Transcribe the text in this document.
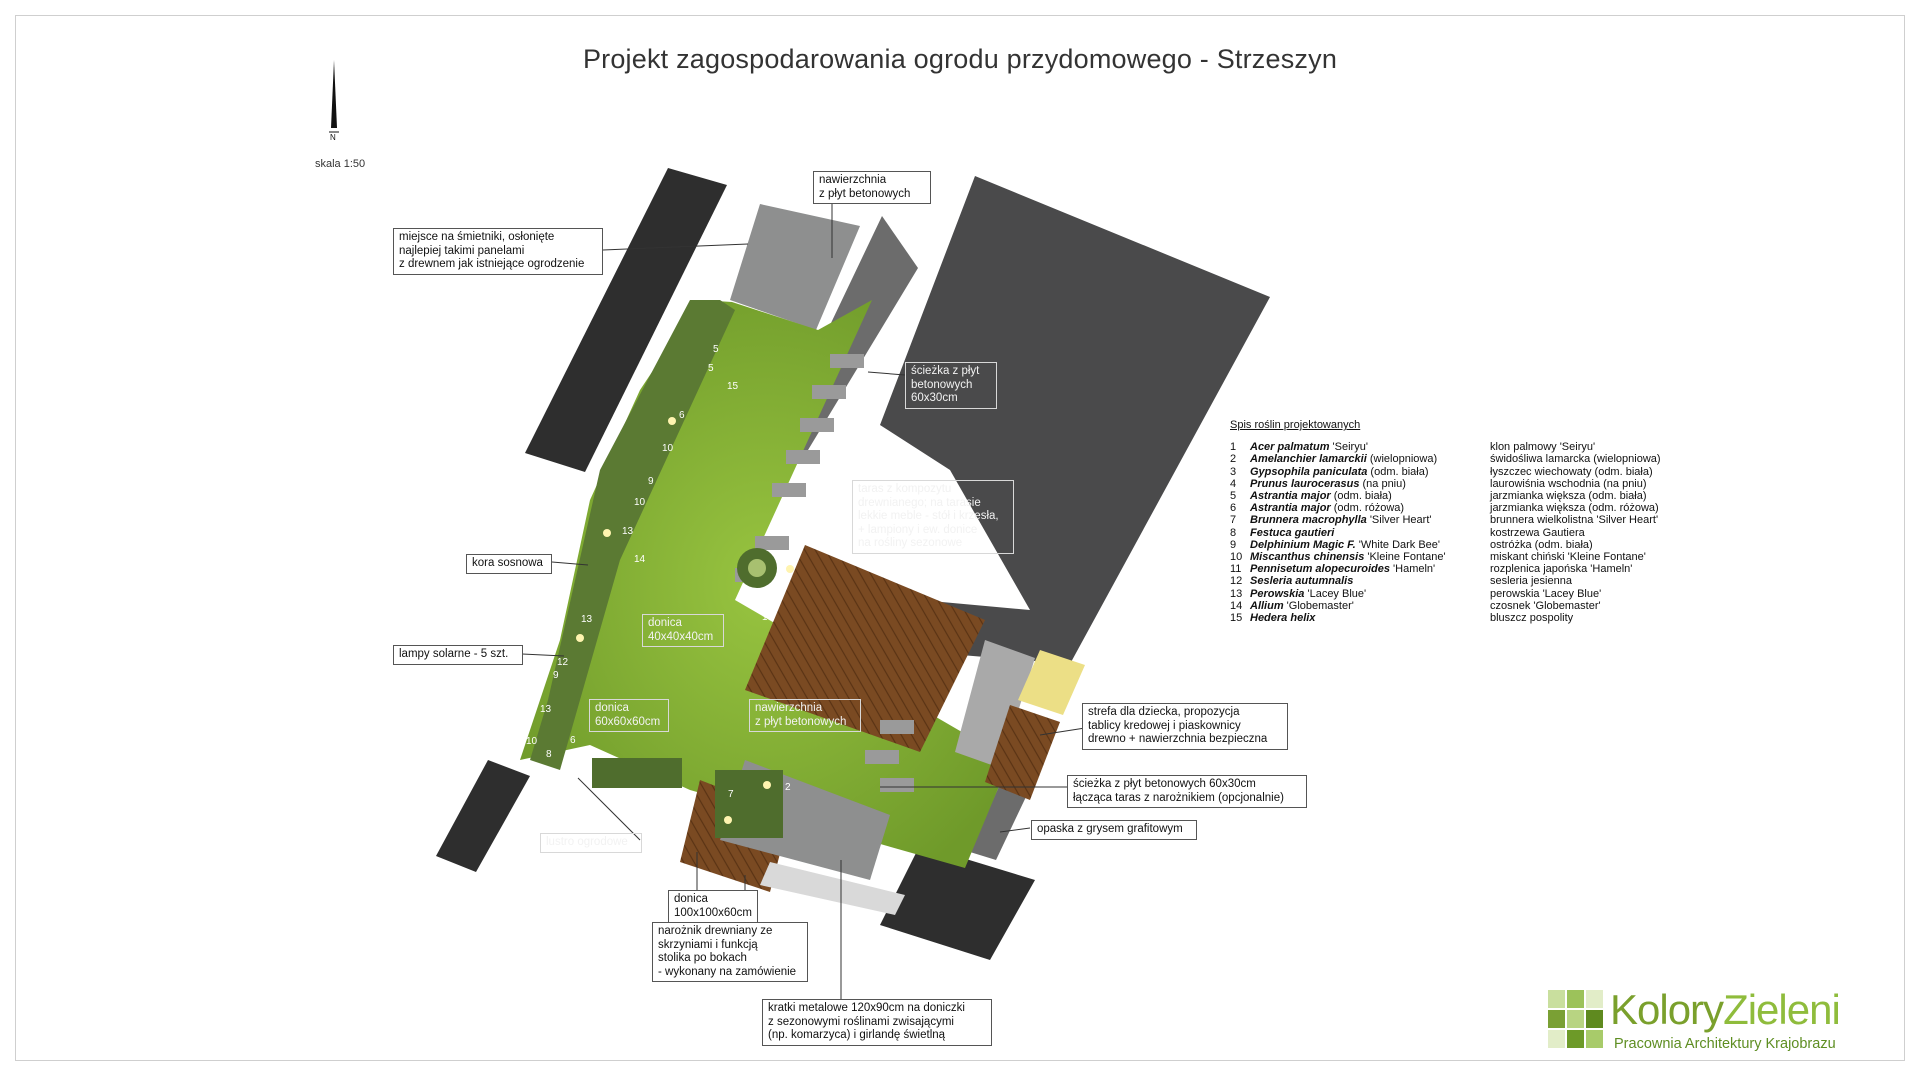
Projekt zagospodarowania ogrodu przydomowego - Strzeszyn
N
skala 1:50
5
5
15
6
10
9
10
13
14
9
13
12
9
13
10	6
8
11
2
7
1
miejsce na śmietniki, osłonięte
najlepiej takimi panelami
z drewnem jak istniejące ogrodzenie
nawierzchnia
z płyt betonowych
ścieżka z płyt
betonowych
60x30cm
taras z kompozytu
drewnianego; na tarasie
lekkie meble - stół i krzesła,
+ lampiony i ew. donice
na rośliny sezonowe
donica
40x40x40cm
kora sosnowa
lampy solarne - 5 szt.
donica
60x60x60cm
nawierzchnia
z płyt betonowych
strefa dla dziecka, propozycja
tablicy kredowej i piaskownicy
drewno + nawierzchnia bezpieczna
ścieżka z płyt betonowych 60x30cm
łącząca taras z narożnikiem (opcjonalnie)
opaska z grysem grafitowym
lustro ogrodowe
donica
100x100x60cm
narożnik drewniany ze
skrzyniami i funkcją
stolika po bokach
- wykonany na zamówienie
kratki metalowe 120x90cm na doniczki
z sezonowymi roślinami zwisającymi
(np. komarzyca) i girlandę świetlną
Spis roślin projektowanych
1	Acer palmatum 'Seiryu'	klon palmowy 'Seiryu'
2	Amelanchier lamarckii (wielopniowa)	świdośliwa lamarcka (wielopniowa)
3	Gypsophila paniculata (odm. biała)	łyszczec wiechowaty (odm. biała)
4	Prunus laurocerasus (na pniu)	laurowiśnia wschodnia (na pniu)
5	Astrantia major (odm. biała)	jarzmianka większa (odm. biała)
6	Astrantia major (odm. różowa)	jarzmianka większa (odm. różowa)
7	Brunnera macrophylla 'Silver Heart'	brunnera wielkolistna 'Silver Heart'
8	Festuca gautieri	kostrzewa Gautiera
9	Delphinium Magic F. 'White Dark Bee'	ostróżka (odm. biała)
10 Miscanthus chinensis 'Kleine Fontane'	miskant chiński 'Kleine Fontane'
11 Pennisetum alopecuroides 'Hameln'	rozplenica japońska 'Hameln'
12 Sesleria autumnalis	sesleria jesienna
13 Perowskia 'Lacey Blue'	perowskia 'Lacey Blue'
14 Allium 'Globemaster'	czosnek 'Globemaster'
15 Hedera helix	bluszcz pospolity
KoloryZieleni
Pracownia Architektury Krajobrazu
